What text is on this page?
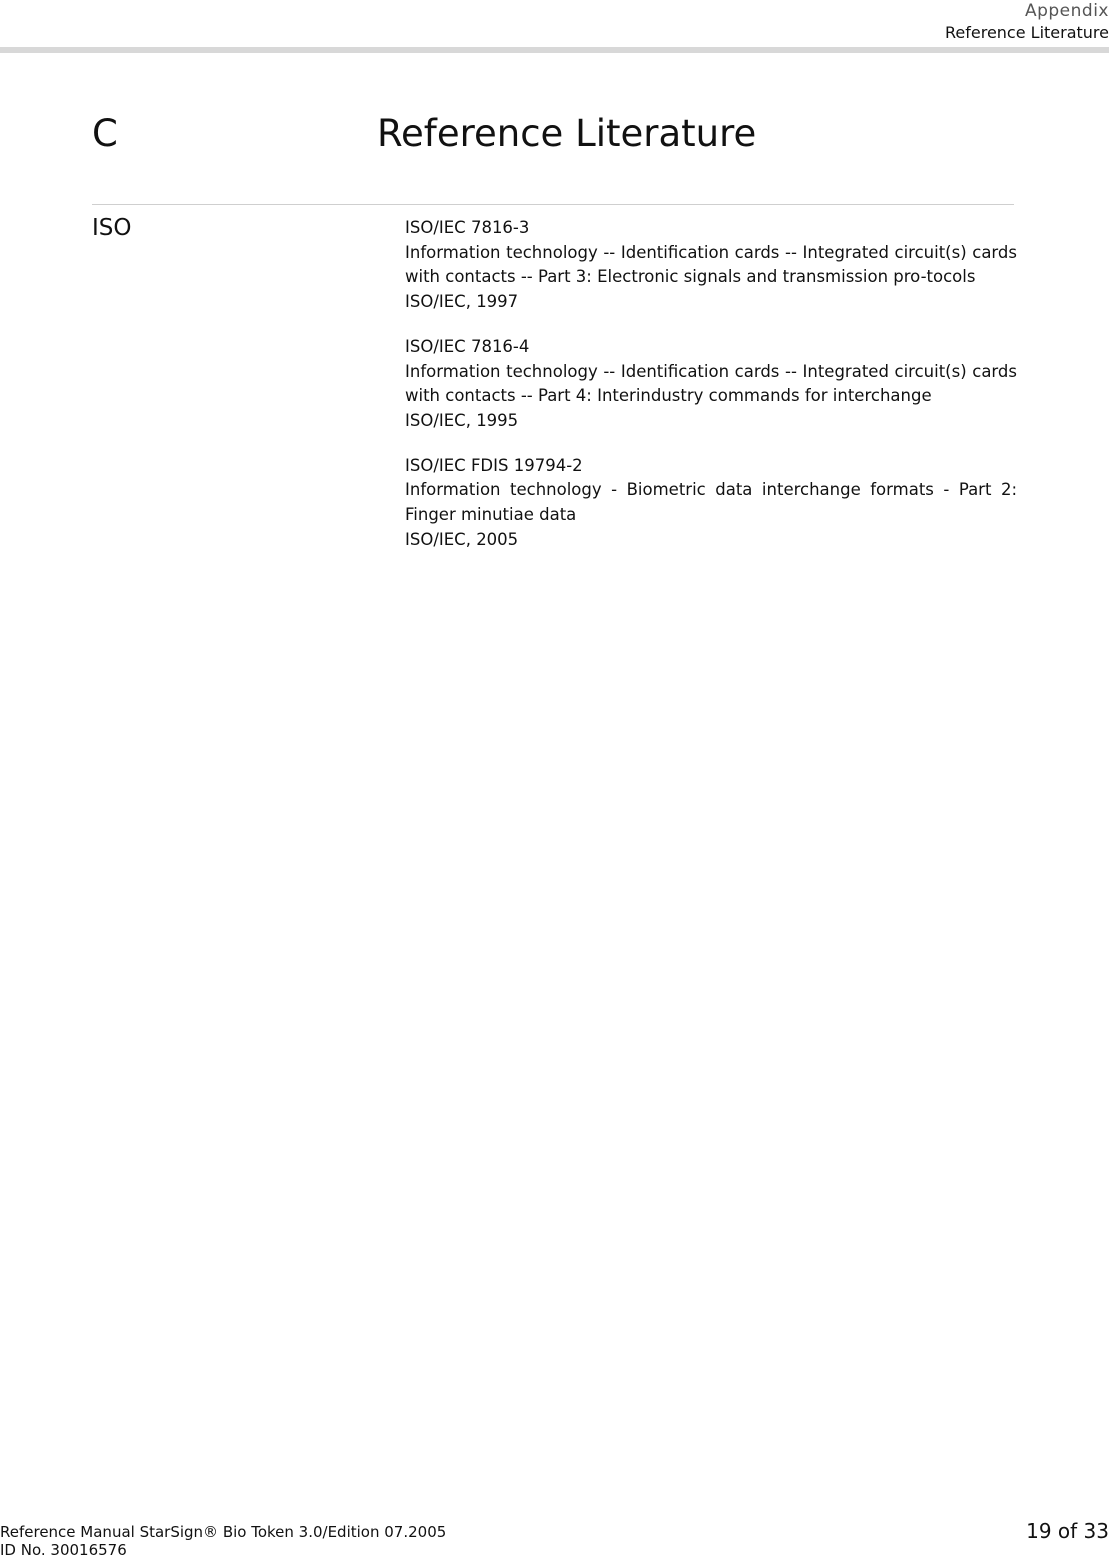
Appendix
Reference Literature
C	Reference Literature
ISO	ISO/IEC 7816-3
Information technology -- Identification cards -- Integrated circuit(s) cards with contacts -- Part 3: Electronic signals and transmission pro-tocols
ISO/IEC, 1997
ISO/IEC 7816-4
Information technology -- Identification cards -- Integrated circuit(s) cards with contacts -- Part 4: Interindustry commands for interchange
ISO/IEC, 1995
ISO/IEC FDIS 19794-2
Information technology - Biometric data interchange formats - Part 2: Finger minutiae data
ISO/IEC, 2005
Reference Manual StarSign® Bio Token 3.0/Edition 07.2005
ID No. 30016576
19 of 33
